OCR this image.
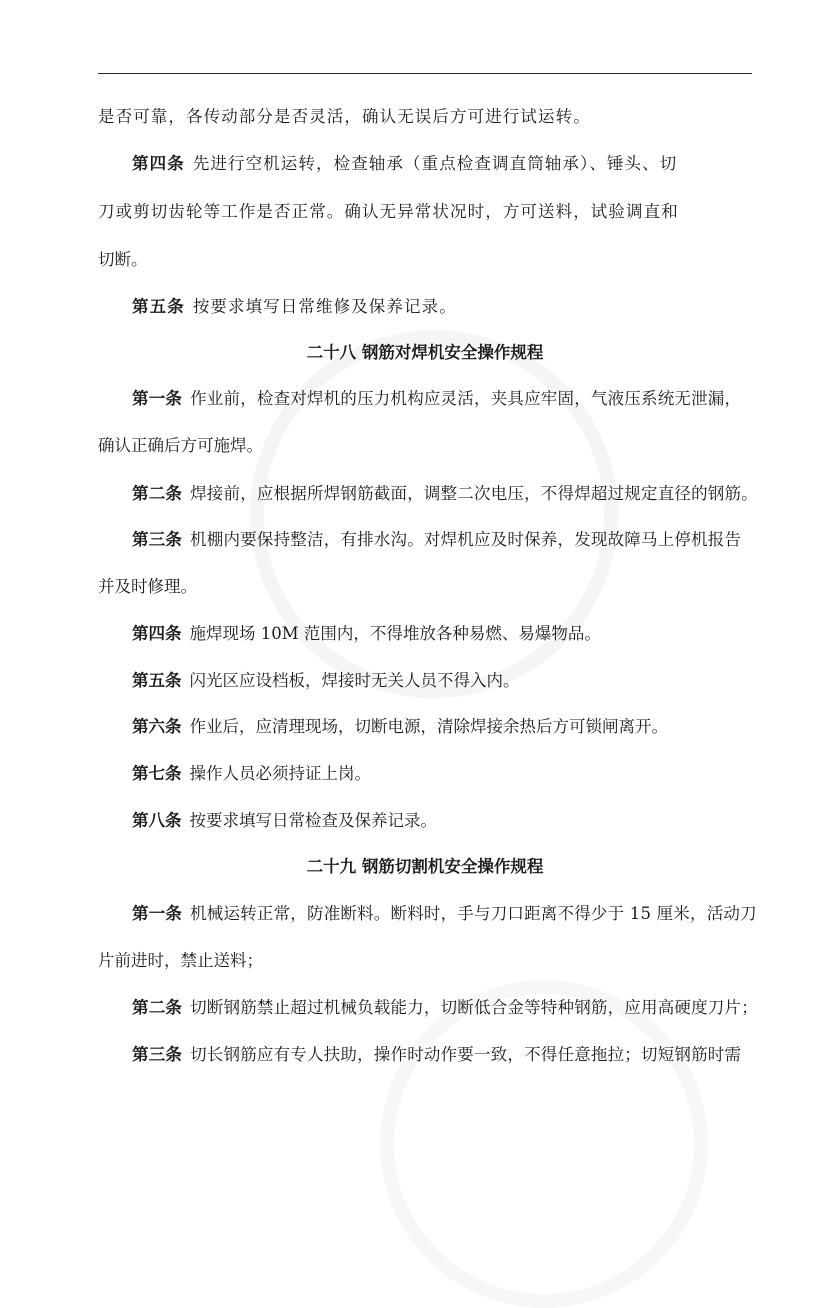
是否可靠，各传动部分是否灵活，确认无误后方可进行试运转。
第四条 先进行空机运转，检查轴承（重点检查调直筒轴承）、锤头、切
刀或剪切齿轮等工作是否正常。确认无异常状况时，方可送料，试验调直和
切断。
第五条 按要求填写日常维修及保养记录。
二十八 钢筋对焊机安全操作规程
第一条 作业前，检查对焊机的压力机构应灵活，夹具应牢固，气液压系统无泄漏，
确认正确后方可施焊。
第二条 焊接前，应根据所焊钢筋截面，调整二次电压，不得焊超过规定直径的钢筋。
第三条 机棚内要保持整洁，有排水沟。对焊机应及时保养，发现故障马上停机报告
并及时修理。
第四条 施焊现场 10M 范围内，不得堆放各种易燃、易爆物品。
第五条 闪光区应设档板，焊接时无关人员不得入内。
第六条 作业后，应清理现场，切断电源，清除焊接余热后方可锁闸离开。
第七条 操作人员必须持证上岗。
第八条 按要求填写日常检查及保养记录。
二十九 钢筋切割机安全操作规程
第一条 机械运转正常，防准断料。断料时，手与刀口距离不得少于 15 厘米，活动刀
片前进时，禁止送料；
第二条 切断钢筋禁止超过机械负载能力，切断低合金等特种钢筋，应用高硬度刀片；
第三条 切长钢筋应有专人扶助，操作时动作要一致，不得任意拖拉；切短钢筋时需
